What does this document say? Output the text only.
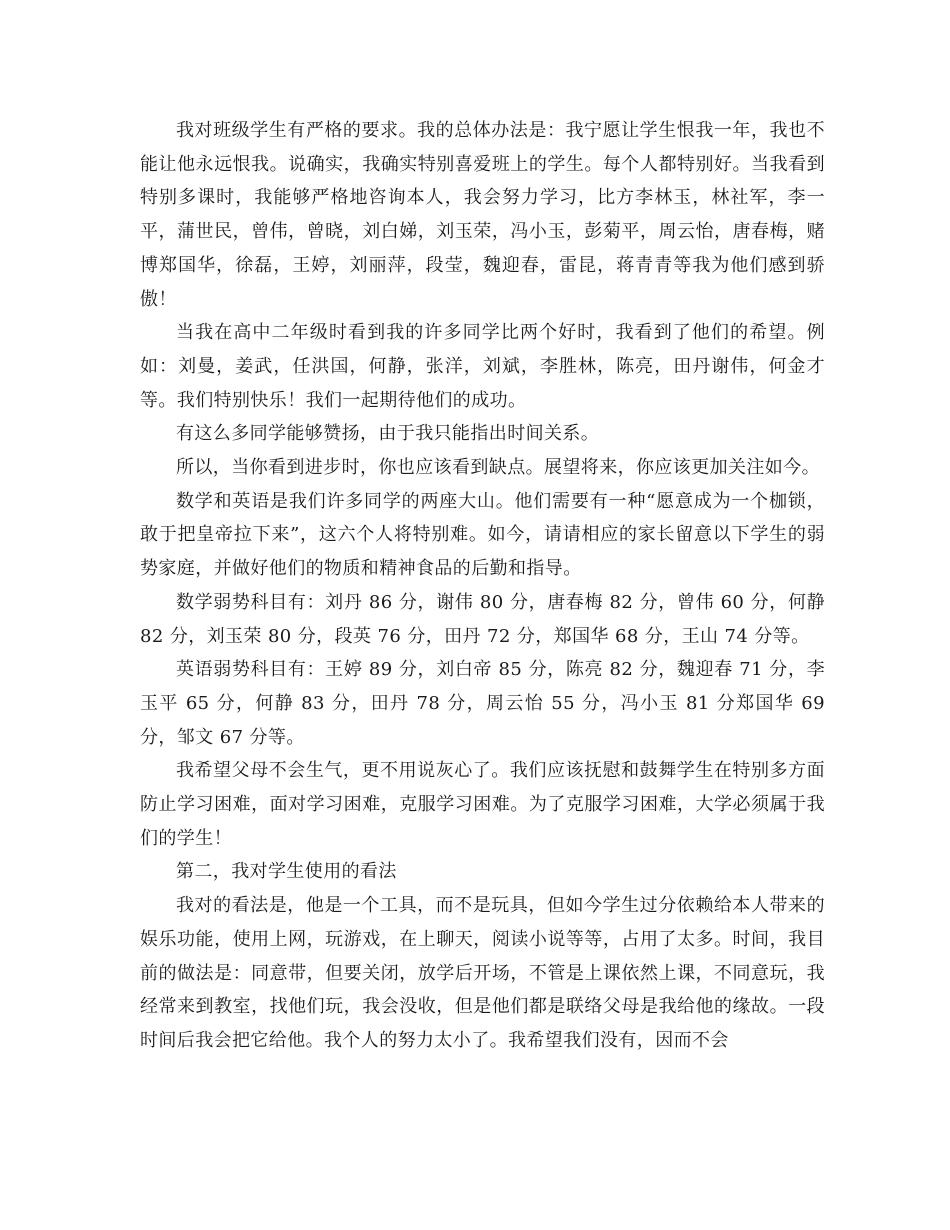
我对班级学生有严格的要求。我的总体办法是：我宁愿让学生恨我一年，我也不能让他永远恨我。说确实，我确实特别喜爱班上的学生。每个人都特别好。当我看到特别多课时，我能够严格地咨询本人，我会努力学习，比方李林玉，林社军，李一平，蒲世民，曾伟，曾晓，刘白娣，刘玉荣，冯小玉，彭菊平，周云怡，唐春梅，赌博郑国华，徐磊，王婷，刘丽萍，段莹，魏迎春，雷昆，蒋青青等我为他们感到骄傲！

当我在高中二年级时看到我的许多同学比两个好时，我看到了他们的希望。例如：刘曼，姜武，任洪国，何静，张洋，刘斌，李胜林，陈亮，田丹谢伟，何金才等。我们特别快乐！我们一起期待他们的成功。

有这么多同学能够赞扬，由于我只能指出时间关系。

所以，当你看到进步时，你也应该看到缺点。展望将来，你应该更加关注如今。

数学和英语是我们许多同学的两座大山。他们需要有一种“愿意成为一个枷锁，敢于把皇帝拉下来”，这六个人将特别难。如今，请请相应的家长留意以下学生的弱势家庭，并做好他们的物质和精神食品的后勤和指导。

数学弱势科目有：刘丹 86 分，谢伟 80 分，唐春梅 82 分，曾伟 60 分，何静 82 分，刘玉荣 80 分，段英 76 分，田丹 72 分，郑国华 68 分，王山 74 分等。

英语弱势科目有：王婷 89 分，刘白帝 85 分，陈亮 82 分，魏迎春 71 分，李玉平 65 分，何静 83 分，田丹 78 分，周云怡 55 分，冯小玉 81 分郑国华 69 分，邹文 67 分等。

我希望父母不会生气，更不用说灰心了。我们应该抚慰和鼓舞学生在特别多方面防止学习困难，面对学习困难，克服学习困难。为了克服学习困难，大学必须属于我们的学生！

第二，我对学生使用的看法

我对的看法是，他是一个工具，而不是玩具，但如今学生过分依赖给本人带来的娱乐功能，使用上网，玩游戏，在上聊天，阅读小说等等，占用了太多。时间，我目前的做法是：同意带，但要关闭，放学后开场，不管是上课依然上课，不同意玩，我经常来到教室，找他们玩，我会没收，但是他们都是联络父母是我给他的缘故。一段时间后我会把它给他。我个人的努力太小了。我希望我们没有，因而不会
